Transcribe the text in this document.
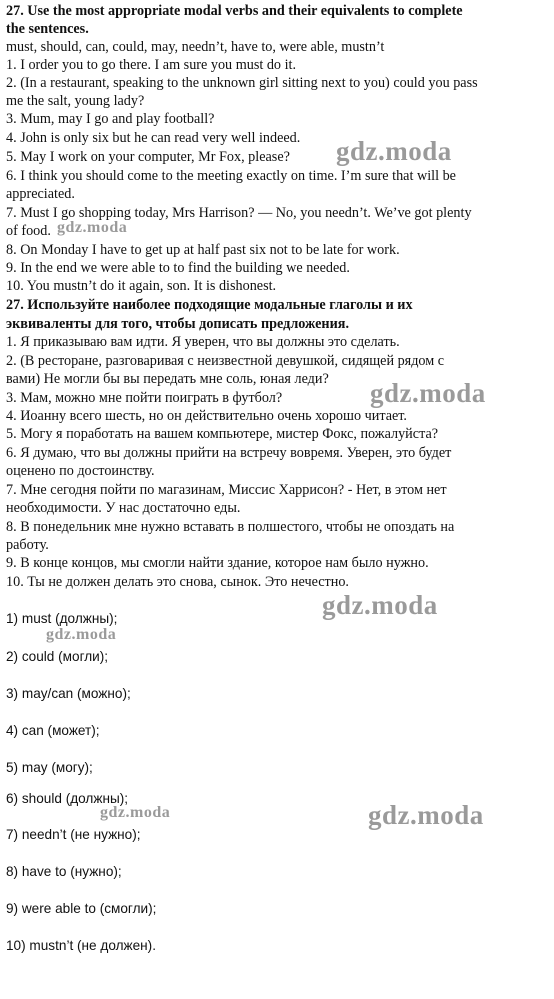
27. Use the most appropriate modal verbs and their equivalents to complete
the sentences.
must, should, can, could, may, needn’t, have to, were able, mustn’t
1. I order you to go there. I am sure you must do it.
2. (In a restaurant, speaking to the unknown girl sitting next to you) could you pass
me the salt, young lady?
3. Mum, may I go and play football?
4. John is only six but he can read very well indeed.
5. May I work on your computer, Mr Fox, please?
6. I think you should come to the meeting exactly on time. I’m sure that will be
appreciated.
7. Must I go shopping today, Mrs Harrison? — No, you needn’t. We’ve got plenty
of food.
8. On Monday I have to get up at half past six not to be late for work.
9. In the end we were able to to find the building we needed.
10. You mustn’t do it again, son. It is dishonest.
27. Используйте наиболее подходящие модальные глаголы и их
эквиваленты для того, чтобы дописать предложения.
1. Я приказываю вам идти. Я уверен, что вы должны это сделать.
2. (В ресторане, разговаривая с неизвестной девушкой, сидящей рядом с
вами) Не могли бы вы передать мне соль, юная леди?
3. Мам, можно мне пойти поиграть в футбол?
4. Иоанну всего шесть, но он действительно очень хорошо читает.
5. Могу я поработать на вашем компьютере, мистер Фокс, пожалуйста?
6. Я думаю, что вы должны прийти на встречу вовремя. Уверен, это будет
оценено по достоинству.
7. Мне сегодня пойти по магазинам, Миссис Харрисон? - Нет, в этом нет
необходимости. У нас достаточно еды.
8. В понедельник мне нужно вставать в полшестого, чтобы не опоздать на
работу.
9. В конце концов, мы смогли найти здание, которое нам было нужно.
10. Ты не должен делать это снова, сынок. Это нечестно.
1) must (должны);
2) could (могли);
3) may/can (можно);
4) can (может);
5) may (могу);
6) should (должны);
7) needn’t (не нужно);
8) have to (нужно);
9) were able to (смогли);
10) mustn’t (не должен).
gdz.moda
gdz.moda
gdz.moda
gdz.moda
gdz.moda
gdz.moda
gdz.moda
